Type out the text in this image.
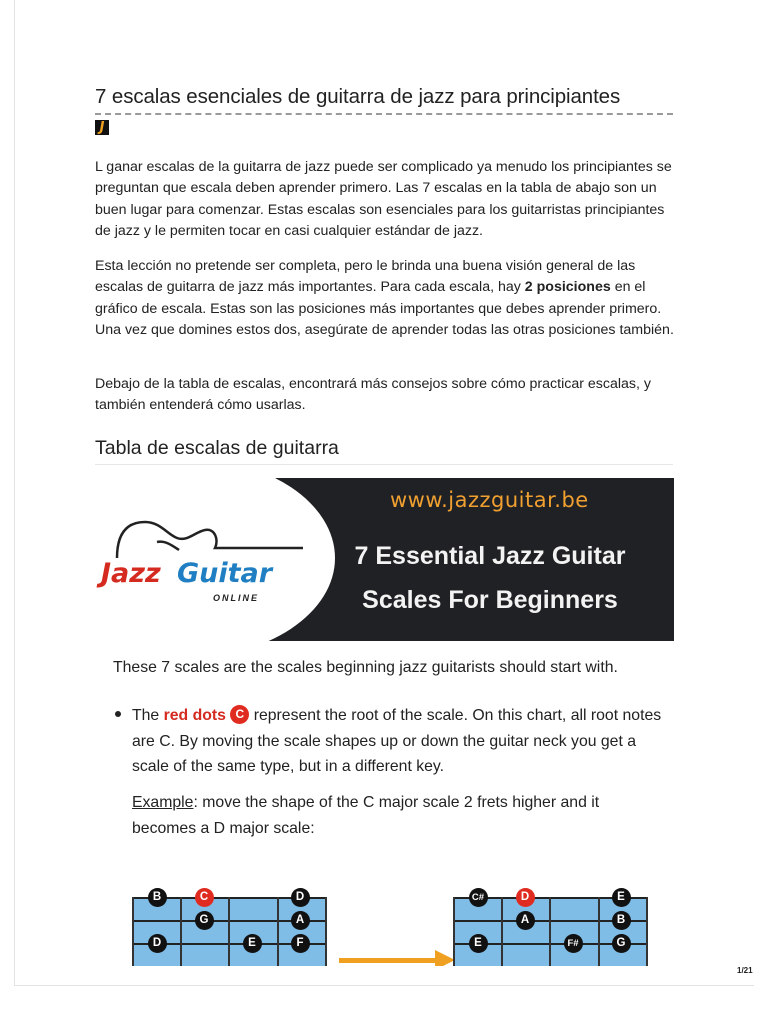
7 escalas esenciales de guitarra de jazz para principiantes
J

L ganar escalas de la guitarra de jazz puede ser complicado ya menudo los principiantes se preguntan que escala deben aprender primero. Las 7 escalas en la tabla de abajo son un buen lugar para comenzar. Estas escalas son esenciales para los guitarristas principiantes de jazz y le permiten tocar en casi cualquier estándar de jazz.

Esta lección no pretende ser completa, pero le brinda una buena visión general de las escalas de guitarra de jazz más importantes. Para cada escala, hay 2 posiciones en el gráfico de escala. Estas son las posiciones más importantes que debes aprender primero. Una vez que domines estos dos, asegúrate de aprender todas las otras posiciones también.

Debajo de la tabla de escalas, encontrará más consejos sobre cómo practicar escalas, y también entenderá cómo usarlas.

Tabla de escalas de guitarra
Jazz Guitar
ONLINE
www.jazzguitar.be
7 Essential Jazz Guitar
Scales For Beginners
These 7 scales are the scales beginning jazz guitarists should start with.
The red dots C represent the root of the scale. On this chart, all root notes are C. By moving the scale shapes up or down the guitar neck you get a scale of the same type, but in a different key.
Example: move the shape of the C major scale 2 frets higher and it becomes a D major scale:
B	C	D
G	A
D	E	F
C#	D	E
A	B
E	F#	G
1/21
